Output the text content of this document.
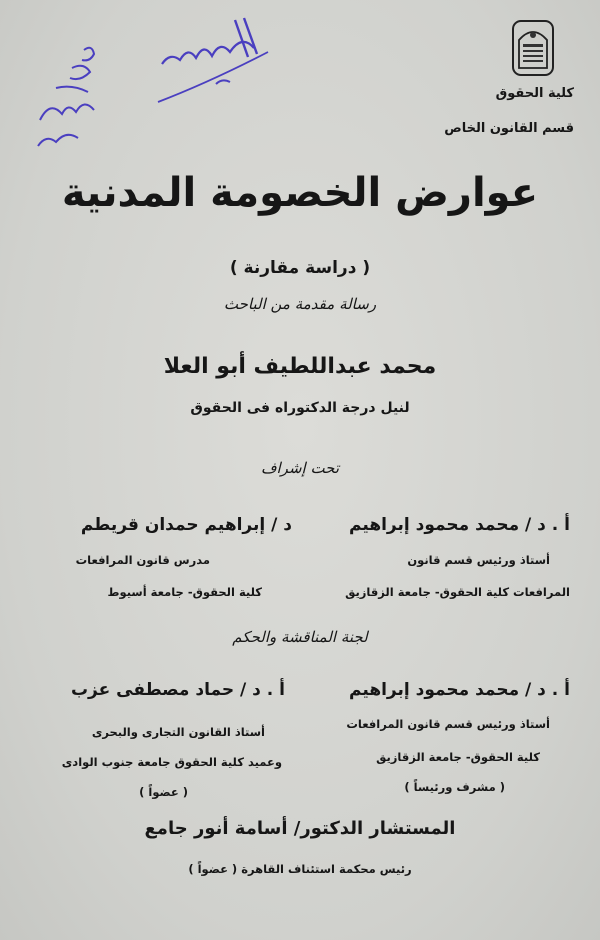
كلية الحقوق
قسم القانون الخاص
عوارض الخصومة المدنية
( دراسة مقارنة )
رسالة مقدمة من الباحث
محمد عبداللطيف أبو العلا
لنيل درجة الدكتوراه فى الحقوق
تحت إشراف
أ . د / محمد محمود إبراهيم
أستاذ ورئيس قسم قانون
المرافعات كلية الحقوق- جامعة الزقازيق
د / إبراهيم حمدان قريطم
مدرس قانون المرافعات
كلية الحقوق- جامعة أسيوط
لجنة المناقشة والحكم
أ . د / محمد محمود إبراهيم
أستاذ ورئيس قسم قانون المرافعات
كلية الحقوق- جامعة الزقازيق
( مشرف ورئيساً )
أ . د / حماد مصطفى عزب
أستاذ القانون التجارى والبحرى
وعميد كلية الحقوق جامعة جنوب الوادى
( عضواً )
المستشار الدكتور/ أسامة أنور جامع
رئيس محكمة استئناف القاهرة ( عضواً )
